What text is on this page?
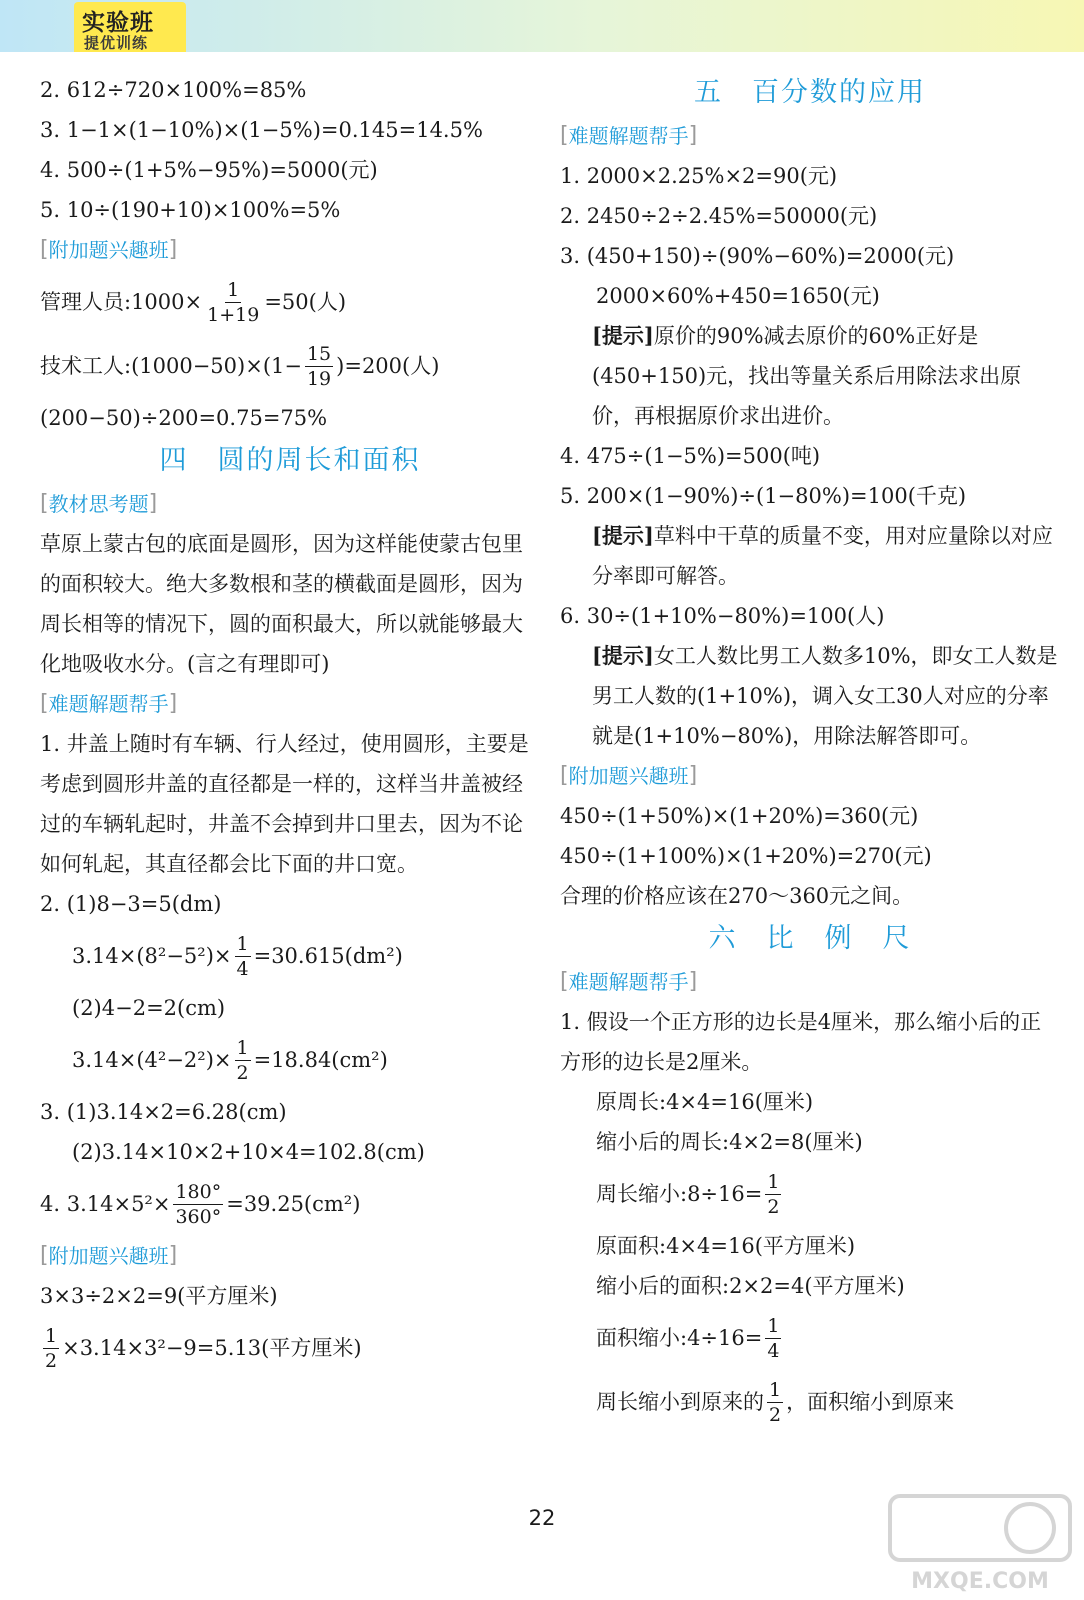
实验班
提优训练
2. 612÷720×100%=85%
3. 1−1×(1−10%)×(1−5%)=0.145=14.5%
4. 500÷(1+5%−95%)=5000(元)
5. 10÷(190+10)×100%=5%
[ 附加题兴趣班 ]
管理人员:1000× $\frac{1}{1+19} =50$(人)
技术工人:(1000−50)×(1− $\frac{15}{19} )=200$(人)
(200−50)÷200=0.75=75%
四　圆的周长和面积
[ 教材思考题 ]
草原上蒙古包的底面是圆形，因为这样能使蒙古包里的面积较大。绝大多数根和茎的横截面是圆形，因为周长相等的情况下，圆的面积最大，所以就能够最大化地吸收水分。(言之有理即可)
[ 难题解题帮手 ]
1. 井盖上随时有车辆、行人经过，使用圆形，主要是考虑到圆形井盖的直径都是一样的，这样当井盖被经过的车辆轧起时，井盖不会掉到井口里去，因为不论如何轧起，其直径都会比下面的井口宽。
2. (1)8−3=5(dm)
$3.14\times(8^2-5^2)\times \frac{1}{4} =30.615(dm^2)$
(2)4−2=2(cm)
$3.14\times(4^2-2^2)\times \frac{1}{2} =18.84(cm^2)$
3. (1)3.14×2=6.28(cm)
(2)3.14×10×2+10×4=102.8(cm)
4. $3.14\times 5^2\times \frac{180^\circ}{360^\circ} =39.25(cm^2)$
[ 附加题兴趣班 ]
3×3÷2×2=9(平方厘米)
$\frac{1}{2} \times 3.14\times 3^2-9=5.13$(平方厘米)
五　百分数的应用
[ 难题解题帮手 ]
1. 2000×2.25%×2=90(元)
2. 2450÷2÷2.45%=50000(元)
3. (450+150)÷(90%−60%)=2000(元)
2000×60%+450=1650(元)
[提示]原价的90%减去原价的60%正好是(450+150)元，找出等量关系后用除法求出原价，再根据原价求出进价。
4. 475÷(1−5%)=500(吨)
5. 200×(1−90%)÷(1−80%)=100(千克)
[提示]草料中干草的质量不变，用对应量除以对应分率即可解答。
6. 30÷(1+10%−80%)=100(人)
[提示]女工人数比男工人数多10%，即女工人数是男工人数的(1+10%)，调入女工30人对应的分率就是(1+10%−80%)，用除法解答即可。
[ 附加题兴趣班 ]
450÷(1+50%)×(1+20%)=360(元)
450÷(1+100%)×(1+20%)=270(元)
合理的价格应该在270～360元之间。
六　比　例　尺
[ 难题解题帮手 ]
1. 假设一个正方形的边长是4厘米，那么缩小后的正方形的边长是2厘米。
原周长:4×4=16(厘米)
缩小后的周长:4×2=8(厘米)
周长缩小:8÷16= $\frac{1}{2}$
原面积:4×4=16(平方厘米)
缩小后的面积:2×2=4(平方厘米)
面积缩小:4÷16= $\frac{1}{4}$
周长缩小到原来的 $\frac{1}{2}$ ，面积缩小到原来
22
MXQE.COM
